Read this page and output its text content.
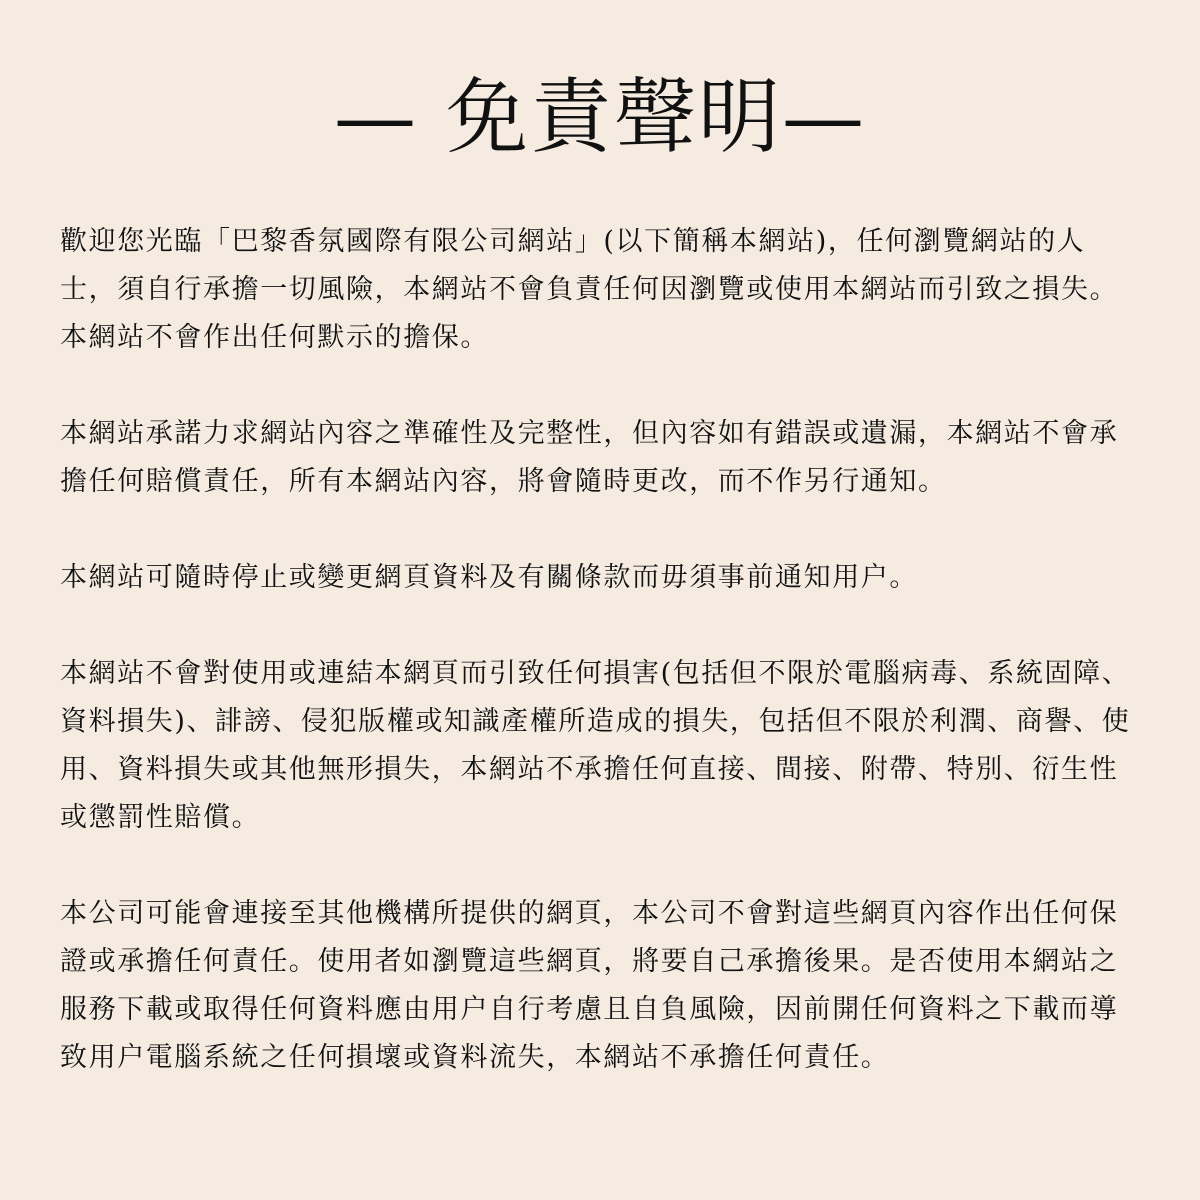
— 免責聲明—

歡迎您光臨「巴黎香氛國際有限公司網站」(以下簡稱本網站)，任何瀏覽網站的人士，須自行承擔一切風險，本網站不會負責任何因瀏覽或使用本網站而引致之損失。本網站不會作出任何默示的擔保。

本網站承諾力求網站內容之準確性及完整性，但內容如有錯誤或遺漏，本網站不會承擔任何賠償責任，所有本網站內容，將會隨時更改，而不作另行通知。

本網站可隨時停止或變更網頁資料及有關條款而毋須事前通知用户。

本網站不會對使用或連結本網頁而引致任何損害(包括但不限於電腦病毒、系統固障、資料損失)、誹謗、侵犯版權或知識產權所造成的損失，包括但不限於利潤、商譽、使用、資料損失或其他無形損失，本網站不承擔任何直接、間接、附帶、特別、衍生性或懲罰性賠償。

本公司可能會連接至其他機構所提供的網頁，本公司不會對這些網頁內容作出任何保證或承擔任何責任。使用者如瀏覽這些網頁，將要自己承擔後果。是否使用本網站之服務下載或取得任何資料應由用户自行考慮且自負風險，因前開任何資料之下載而導致用户電腦系統之任何損壞或資料流失，本網站不承擔任何責任。
